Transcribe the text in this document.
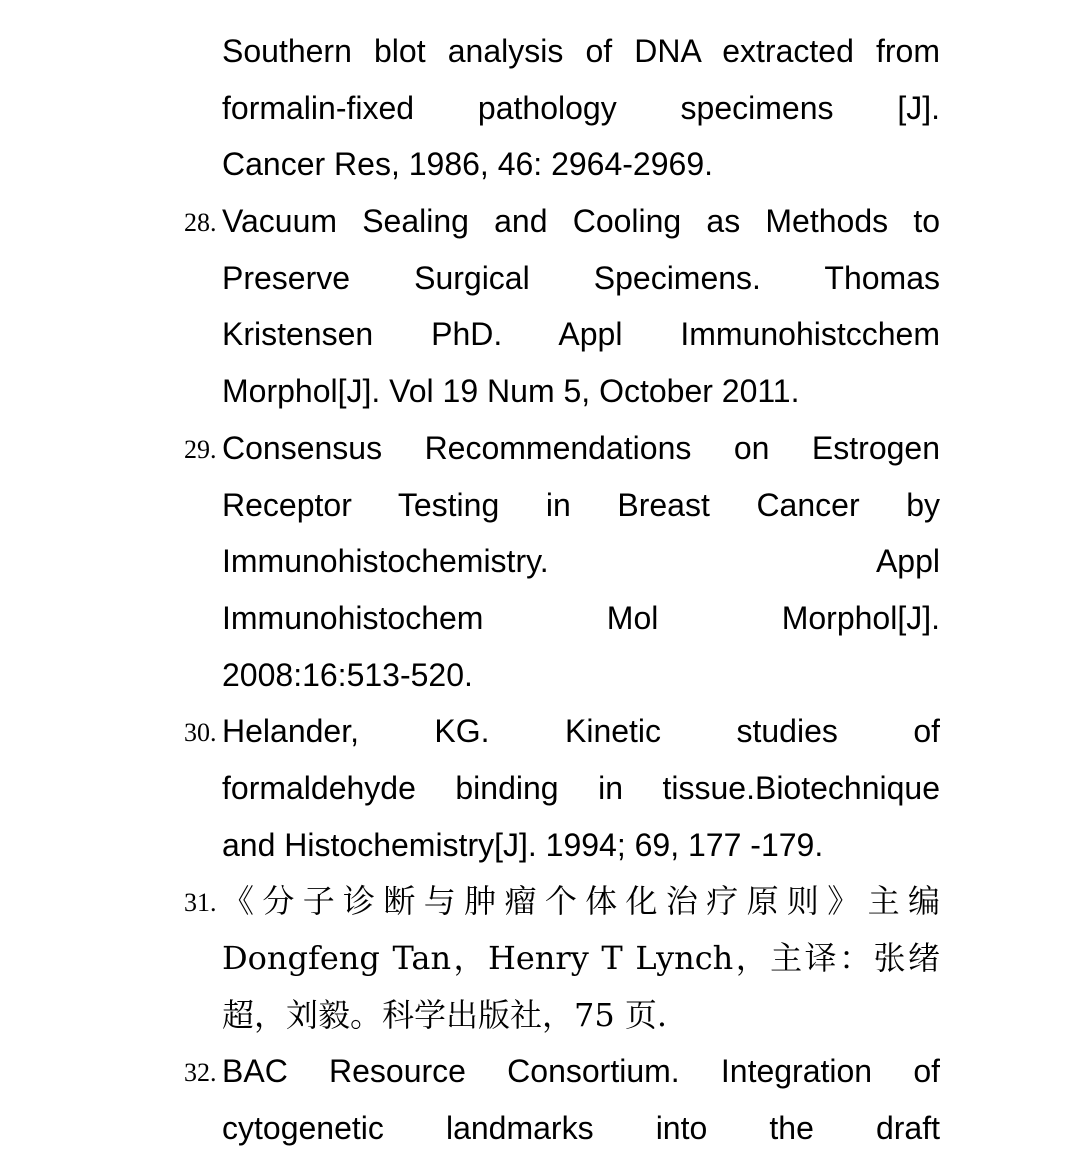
Southern blot analysis of DNA extracted from
formalin-fixed pathology specimens [J].
Cancer Res, 1986, 46: 2964-2969.
28. Vacuum Sealing and Cooling as Methods to
Preserve Surgical Specimens. Thomas
Kristensen PhD. Appl Immunohistcchem
Morphol[J]. Vol 19 Num 5, October 2011.
29. Consensus Recommendations on Estrogen
Receptor Testing in Breast Cancer by
Immunohistochemistry. Appl
Immunohistochem Mol Morphol[J].
2008:16:513-520.
30. Helander, KG. Kinetic studies of
formaldehyde binding in tissue.Biotechnique
and Histochemistry[J]. 1994; 69, 177 -179.
31. 《分子诊断与肿瘤个体化治疗原则》主编
Dongfeng Tan，Henry T Lynch，主译：张绪
超，刘毅。科学出版社，75 页.
32. BAC Resource Consortium. Integration of
cytogenetic landmarks into the draft
